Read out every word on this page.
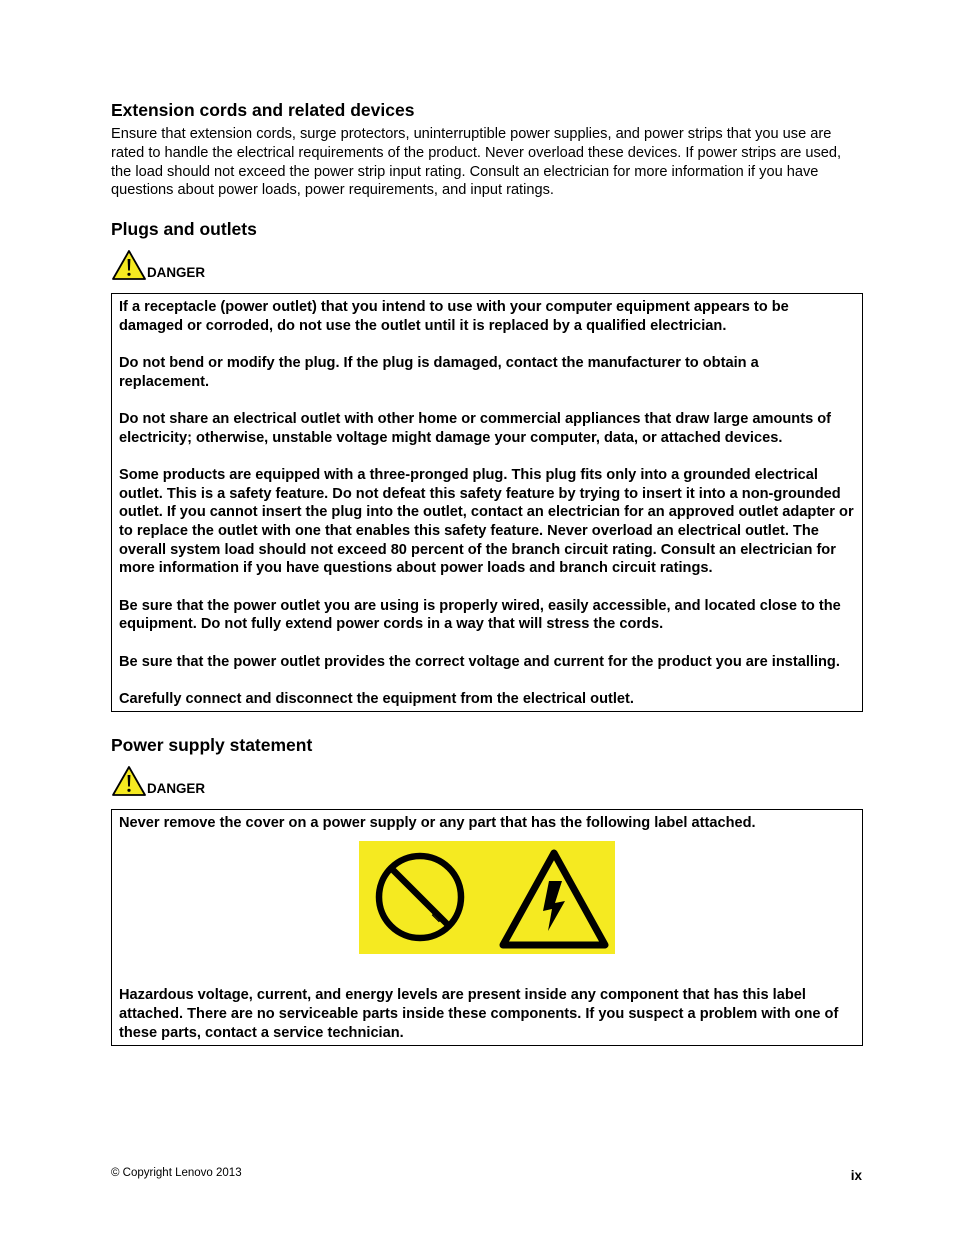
Extension cords and related devices

Ensure that extension cords, surge protectors, uninterruptible power supplies, and power strips that you use are rated to handle the electrical requirements of the product. Never overload these devices. If power strips are used, the load should not exceed the power strip input rating. Consult an electrician for more information if you have questions about power loads, power requirements, and input ratings.

Plugs and outlets
DANGER

If a receptacle (power outlet) that you intend to use with your computer equipment appears to be damaged or corroded, do not use the outlet until it is replaced by a qualified electrician.

Do not bend or modify the plug. If the plug is damaged, contact the manufacturer to obtain a replacement.

Do not share an electrical outlet with other home or commercial appliances that draw large amounts of electricity; otherwise, unstable voltage might damage your computer, data, or attached devices.

Some products are equipped with a three-pronged plug. This plug fits only into a grounded electrical outlet. This is a safety feature. Do not defeat this safety feature by trying to insert it into a non-grounded outlet. If you cannot insert the plug into the outlet, contact an electrician for an approved outlet adapter or to replace the outlet with one that enables this safety feature. Never overload an electrical outlet. The overall system load should not exceed 80 percent of the branch circuit rating. Consult an electrician for more information if you have questions about power loads and branch circuit ratings.

Be sure that the power outlet you are using is properly wired, easily accessible, and located close to the equipment. Do not fully extend power cords in a way that will stress the cords.

Be sure that the power outlet provides the correct voltage and current for the product you are installing.

Carefully connect and disconnect the equipment from the electrical outlet.

Power supply statement
DANGER

Never remove the cover on a power supply or any part that has the following label attached.

Hazardous voltage, current, and energy levels are present inside any component that has this label attached. There are no serviceable parts inside these components. If you suspect a problem with one of these parts, contact a service technician.

© Copyright Lenovo 2013	ix
